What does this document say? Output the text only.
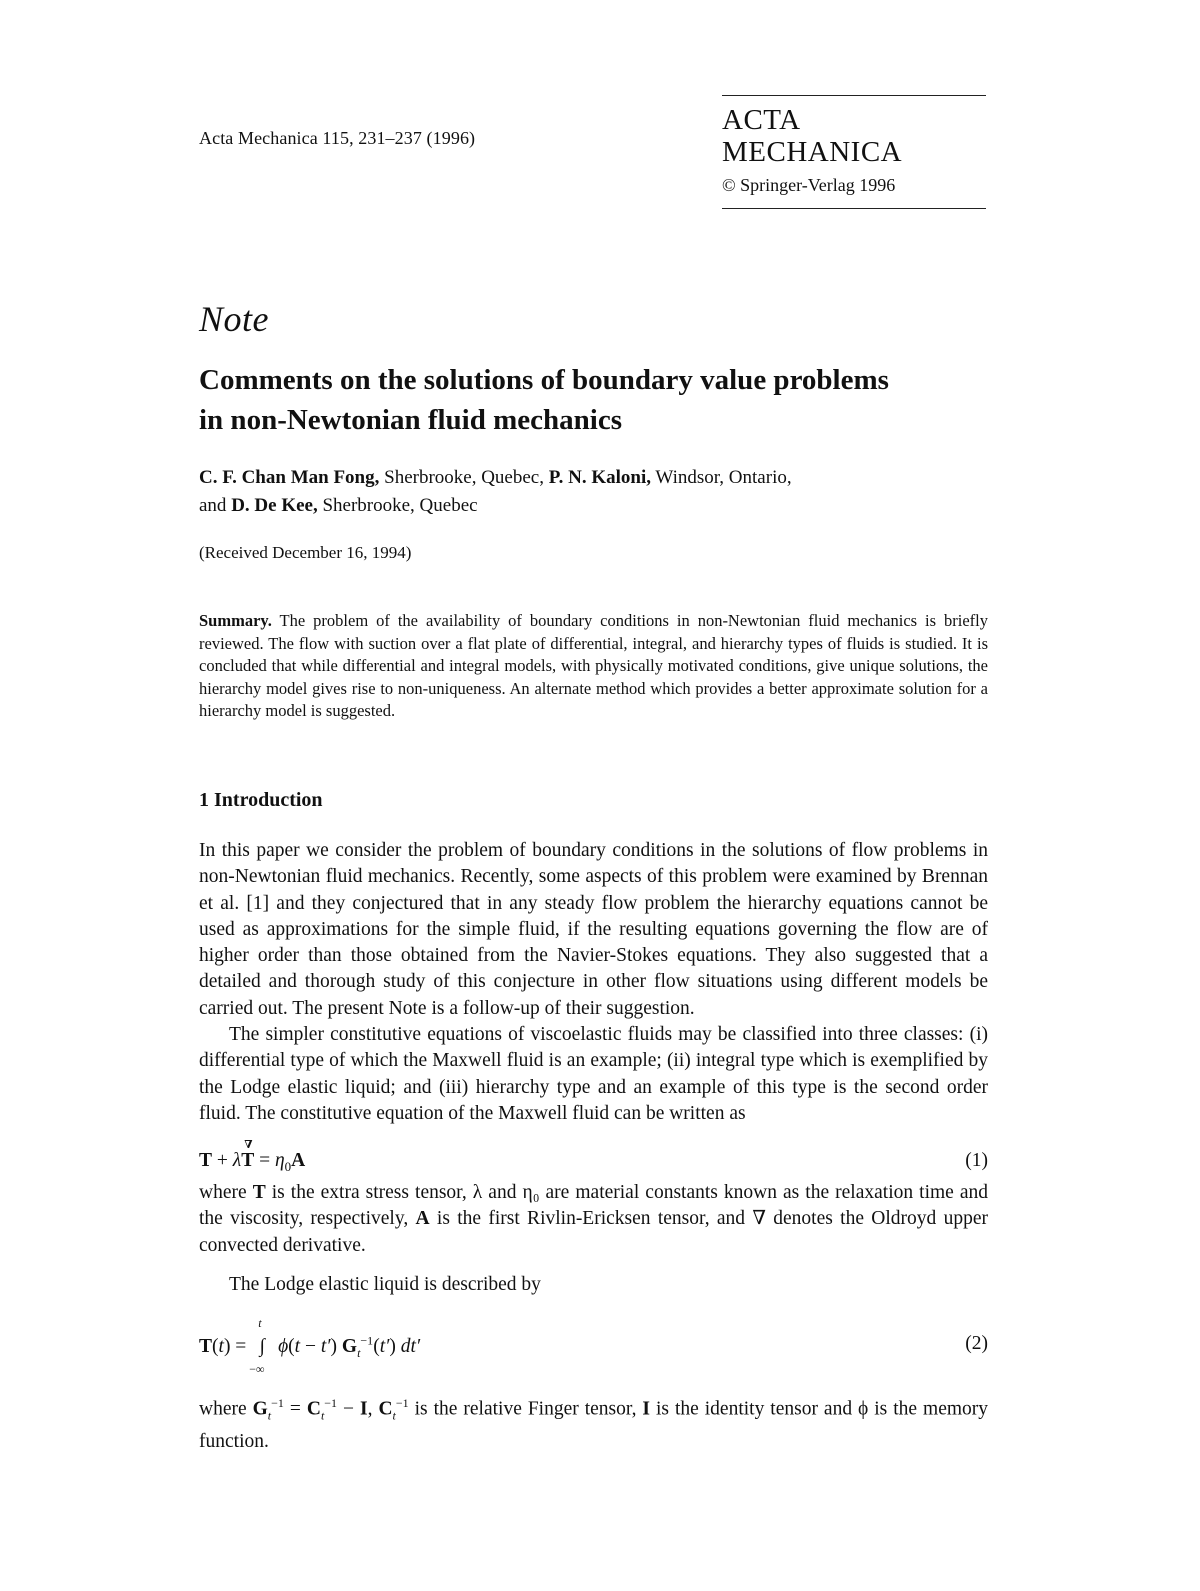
Acta Mechanica 115, 231–237 (1996)
ACTA MECHANICA
© Springer-Verlag 1996
Note
Comments on the solutions of boundary value problems
in non-Newtonian fluid mechanics
C. F. Chan Man Fong, Sherbrooke, Quebec, P. N. Kaloni, Windsor, Ontario,
and D. De Kee, Sherbrooke, Quebec
(Received December 16, 1994)
Summary. The problem of the availability of boundary conditions in non-Newtonian fluid mechanics is briefly reviewed. The flow with suction over a flat plate of differential, integral, and hierarchy types of fluids is studied. It is concluded that while differential and integral models, with physically motivated conditions, give unique solutions, the hierarchy model gives rise to non-uniqueness. An alternate method which provides a better approximate solution for a hierarchy model is suggested.
1 Introduction
In this paper we consider the problem of boundary conditions in the solutions of flow problems in non-Newtonian fluid mechanics. Recently, some aspects of this problem were examined by Brennan et al. [1] and they conjectured that in any steady flow problem the hierarchy equations cannot be used as approximations for the simple fluid, if the resulting equations governing the flow are of higher order than those obtained from the Navier-Stokes equations. They also suggested that a detailed and thorough study of this conjecture in other flow situations using different models be carried out. The present Note is a follow-up of their suggestion.
The simpler constitutive equations of viscoelastic fluids may be classified into three classes: (i) differential type of which the Maxwell fluid is an example; (ii) integral type which is exemplified by the Lodge elastic liquid; and (iii) hierarchy type and an example of this type is the second order fluid. The constitutive equation of the Maxwell fluid can be written as
T + λT
∇
= $\eta_0A$	(1)
where T is the extra stress tensor, λ and η₀ are material constants known as the relaxation time and the viscosity, respectively, A is the first Rivlin-Ericksen tensor, and ∇ denotes the Oldroyd upper convected derivative.
The Lodge elastic liquid is described by
T(t) =
t
∫
−∞
ϕ(t − t′) $G_t^{-1}(t')$ dt′	(2)
where $G_t^{-1} = C_t^{-1} - I$, $C_t^{-1}$ is the relative Finger tensor, I is the identity tensor and ϕ is the memory function.
